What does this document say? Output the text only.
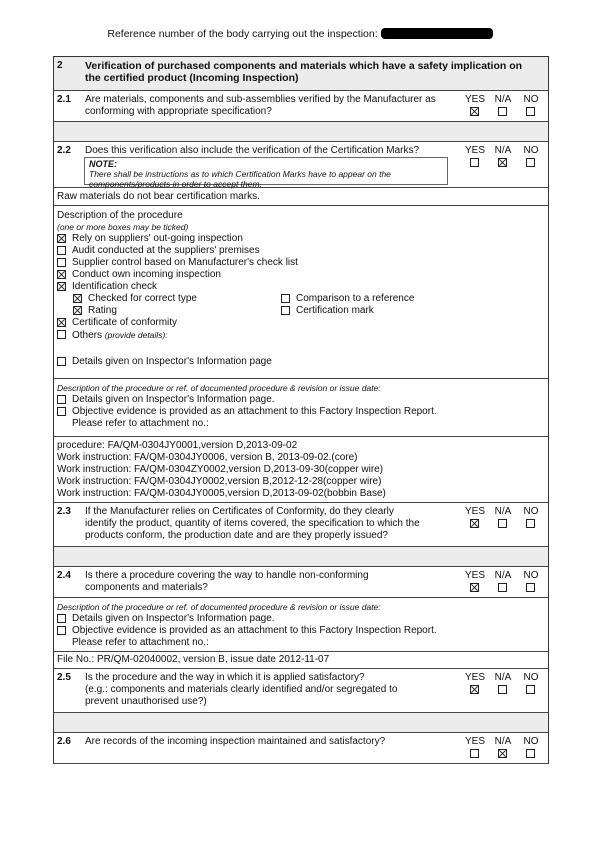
Reference number of the body carrying out the inspection:
2 Verification of purchased components and materials which have a safety implication on the certified product (Incoming Inspection)
2.1 Are materials, components and sub-assemblies verified by the Manufacturer as conforming with appropriate specification?
YES N/A	NO
2.2 Does this verification also include the verification of the Certification Marks?
NOTE:
There shall be instructions as to which Certification Marks have to appear on the components/products in order to accept them.
YES N/A	NO
Raw materials do not bear certification marks.
Description of the procedure
(one or more boxes may be ticked)
Rely on suppliers' out-going inspection
Audit conducted at the suppliers' premises
Supplier control based on Manufacturer's check list
Conduct own incoming inspection
Identification check
Checked for correct type
Rating
Comparison to a reference
Certification mark
Certificate of conformity
Others (provide details):
Details given on Inspector's Information page
Description of the procedure or ref. of documented procedure & revision or issue date:
Details given on Inspector's Information page.
Objective evidence is provided as an attachment to this Factory Inspection Report.
Please refer to attachment no.:
procedure: FA/QM-0304JY0001,version D,2013-09-02
Work instruction: FA/QM-0304JY0006, version B, 2013-09-02.(core)
Work instruction: FA/QM-0304ZY0002,version D,2013-09-30(copper wire)
Work instruction: FA/QM-0304JY0002,version B,2012-12-28(copper wire)
Work instruction: FA/QM-0304JY0005,version D,2013-09-02(bobbin Base)
2.3 If the Manufacturer relies on Certificates of Conformity, do they clearly
identify the product, quantity of items covered, the specification to which the
products conform, the production date and are they properly issued?
YES N/A	NO
2.4 Is there a procedure covering the way to handle non-conforming
components and materials?
YES N/A	NO
Description of the procedure or ref. of documented procedure & revision or issue date:
Details given on Inspector's Information page.
Objective evidence is provided as an attachment to this Factory Inspection Report.
Please refer to attachment no.:
File No.: PR/QM-02040002, version B, issue date 2012-11-07
2.5 Is the procedure and the way in which it is applied satisfactory?
(e.g.: components and materials clearly identified and/or segregated to
prevent unauthorised use?)
YES N/A	NO
2.6 Are records of the incoming inspection maintained and satisfactory?	YES N/A	NO
